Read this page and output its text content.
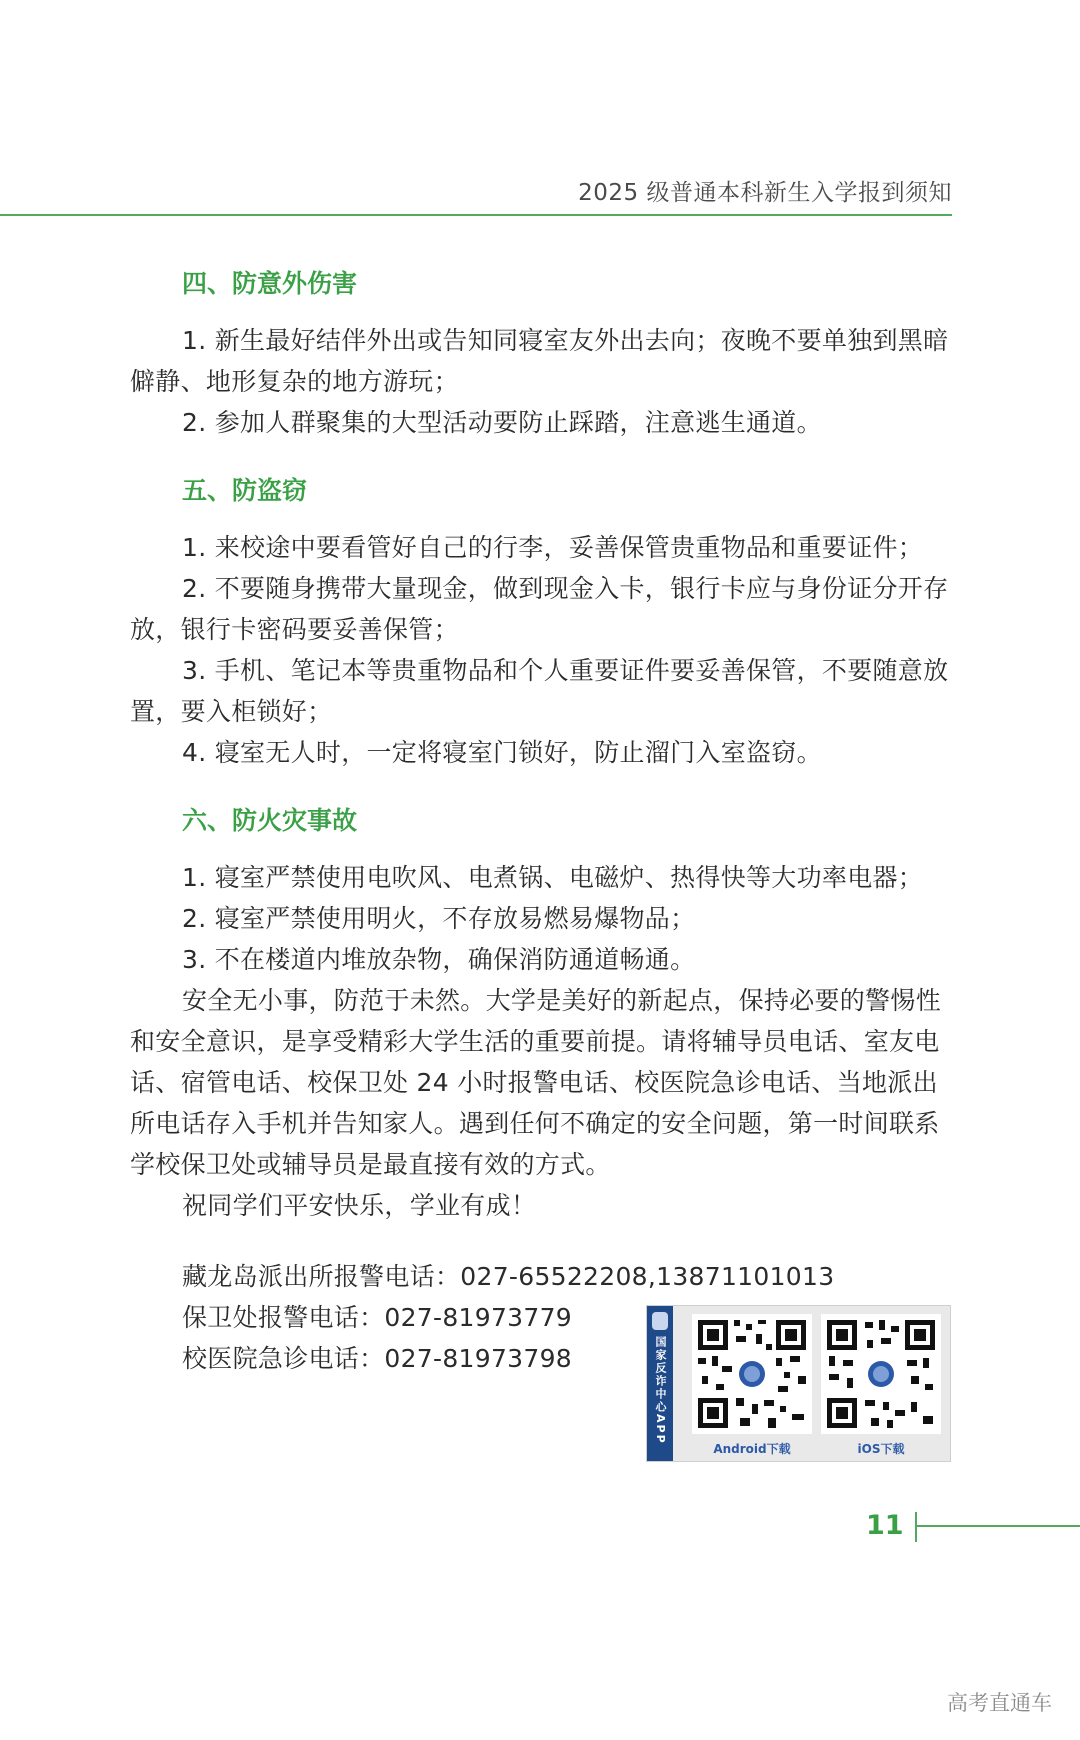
2025 级普通本科新生入学报到须知
四、防意外伤害

1. 新生最好结伴外出或告知同寝室友外出去向；夜晚不要单独到黑暗僻静、地形复杂的地方游玩；

2. 参加人群聚集的大型活动要防止踩踏，注意逃生通道。

五、防盗窃

1. 来校途中要看管好自己的行李，妥善保管贵重物品和重要证件；

2. 不要随身携带大量现金，做到现金入卡，银行卡应与身份证分开存放，银行卡密码要妥善保管；

3. 手机、笔记本等贵重物品和个人重要证件要妥善保管，不要随意放置，要入柜锁好；

4. 寝室无人时，一定将寝室门锁好，防止溜门入室盗窃。

六、防火灾事故

1. 寝室严禁使用电吹风、电煮锅、电磁炉、热得快等大功率电器；

2. 寝室严禁使用明火，不存放易燃易爆物品；

3. 不在楼道内堆放杂物，确保消防通道畅通。

安全无小事，防范于未然。大学是美好的新起点，保持必要的警惕性和安全意识，是享受精彩大学生活的重要前提。请将辅导员电话、室友电话、宿管电话、校保卫处 24 小时报警电话、校医院急诊电话、当地派出所电话存入手机并告知家人。遇到任何不确定的安全问题，第一时间联系学校保卫处或辅导员是最直接有效的方式。

祝同学们平安快乐，学业有成！

藏龙岛派出所报警电话：027-65522208,13871101013

保卫处报警电话：027-81973779

校医院急诊电话：027-81973798	国家反诈中心APP
Android下载	iOS下载
11
高考直通车
